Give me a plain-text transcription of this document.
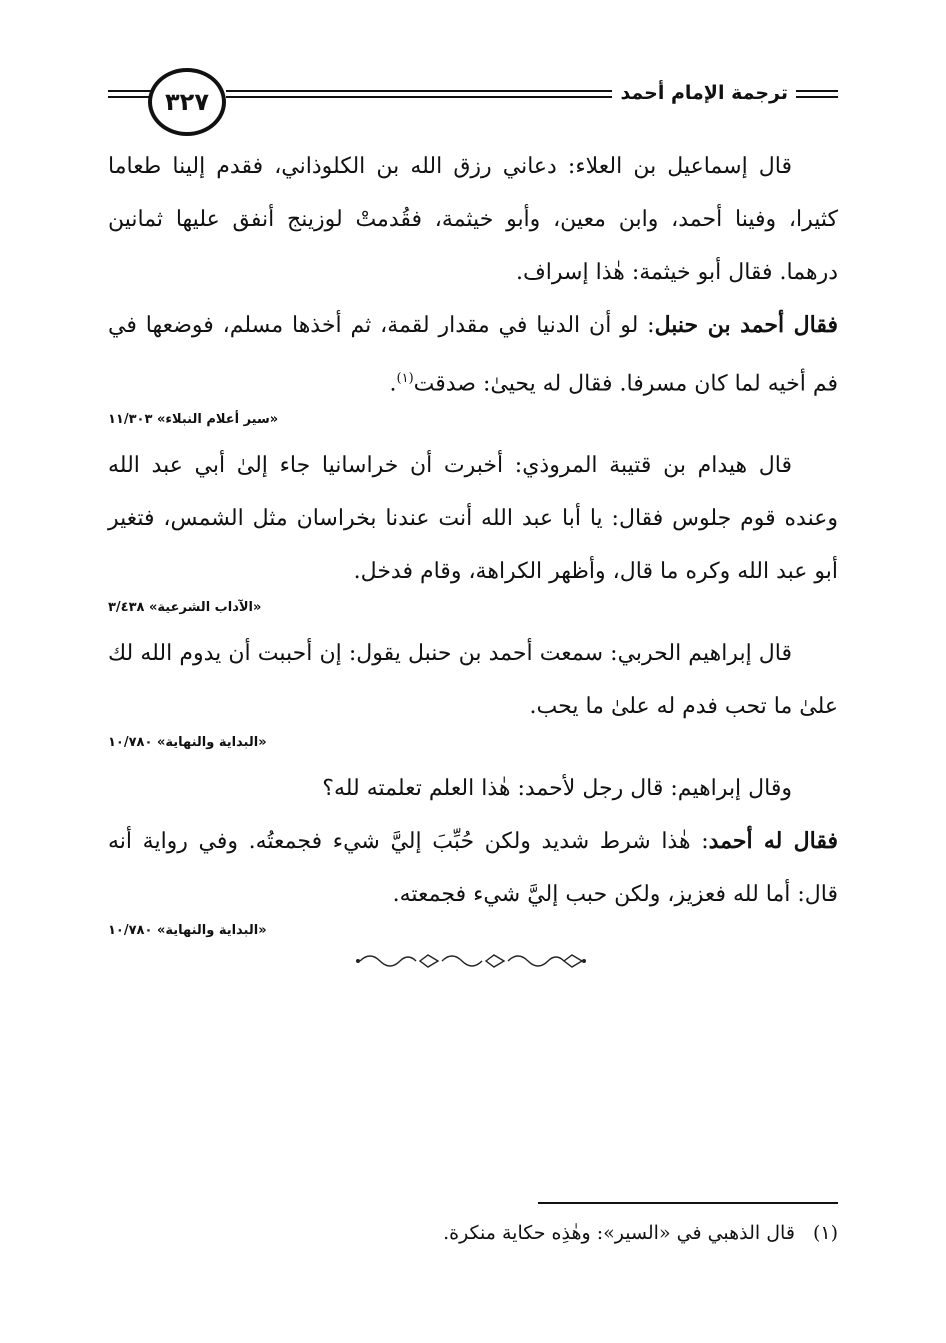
٣٢٧	ترجمة الإمام أحمد

قال إسماعيل بن العلاء: دعاني رزق الله بن الكلوذاني، فقدم إلينا طعاما كثيرا، وفينا أحمد، وابن معين، وأبو خيثمة، فقُدمتْ لوزينج أنفق عليها ثمانين درهما. فقال أبو خيثمة: هٰذا إسراف.

فقال أحمد بن حنبل: لو أن الدنيا في مقدار لقمة، ثم أخذها مسلم، فوضعها في فم أخيه لما كان مسرفا. فقال له يحيىٰ: صدقت$^{(١)}$.

«سير أعلام النبلاء» ١١/٣٠٣

قال هيدام بن قتيبة المروذي: أخبرت أن خراسانيا جاء إلىٰ أبي عبد الله وعنده قوم جلوس فقال: يا أبا عبد الله أنت عندنا بخراسان مثل الشمس، فتغير أبو عبد الله وكره ما قال، وأظهر الكراهة، وقام فدخل.

«الآداب الشرعية» ٣/٤٣٨

قال إبراهيم الحربي: سمعت أحمد بن حنبل يقول: إن أحببت أن يدوم الله لك علىٰ ما تحب فدم له علىٰ ما يحب.

«البداية والنهاية» ١٠/٧٨٠

وقال إبراهيم: قال رجل لأحمد: هٰذا العلم تعلمته لله؟

فقال له أحمد: هٰذا شرط شديد ولكن حُبِّبَ إليَّ شيء فجمعتُه. وفي رواية أنه قال: أما لله فعزيز، ولكن حبب إليَّ شيء فجمعته.

«البداية والنهاية» ١٠/٧٨٠
(١)قال الذهبي في «السير»: وهٰذِه حكاية منكرة.
